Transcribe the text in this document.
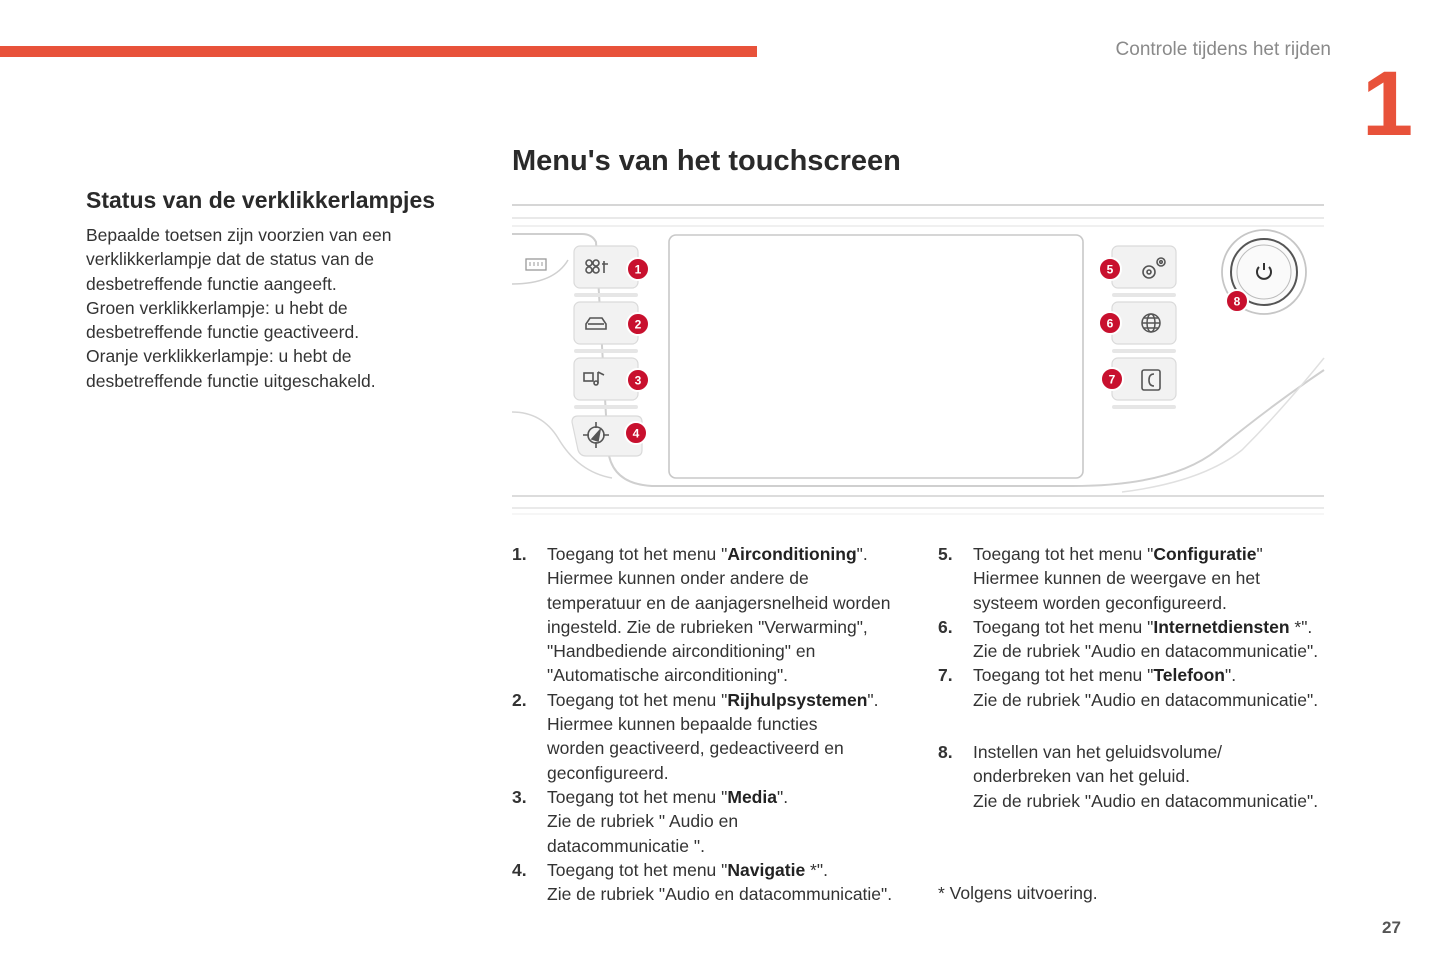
Controle tijdens het rijden
1
Status van de verklikkerlampjes

Bepaalde toetsen zijn voorzien van een
verklikkerlampje dat de status van de
desbetreffende functie aangeeft.
Groen verklikkerlampje: u hebt de
desbetreffende functie geactiveerd.
Oranje verklikkerlampje: u hebt de
desbetreffende functie uitgeschakeld.

Menu's van het touchscreen
1
2
3
4
5
6
7
8
1. Toegang tot het menu "Airconditioning".
Hiermee kunnen onder andere de
temperatuur en de aanjagersnelheid worden
ingesteld. Zie de rubrieken "Verwarming",
"Handbediende airconditioning" en
"Automatische airconditioning".
2. Toegang tot het menu "Rijhulpsystemen".
Hiermee kunnen bepaalde functies
worden geactiveerd, gedeactiveerd en
geconfigureerd.
3. Toegang tot het menu "Media".
Zie de rubriek " Audio en
datacommunicatie ".
4. Toegang tot het menu "Navigatie *".
Zie de rubriek "Audio en datacommunicatie".
5. Toegang tot het menu "Configuratie"
Hiermee kunnen de weergave en het
systeem worden geconfigureerd.
6. Toegang tot het menu "Internetdiensten *".
Zie de rubriek "Audio en datacommunicatie".
7. Toegang tot het menu "Telefoon".
Zie de rubriek "Audio en datacommunicatie".
8. Instellen van het geluidsvolume/
onderbreken van het geluid.
Zie de rubriek "Audio en datacommunicatie".
* Volgens uitvoering.
27
